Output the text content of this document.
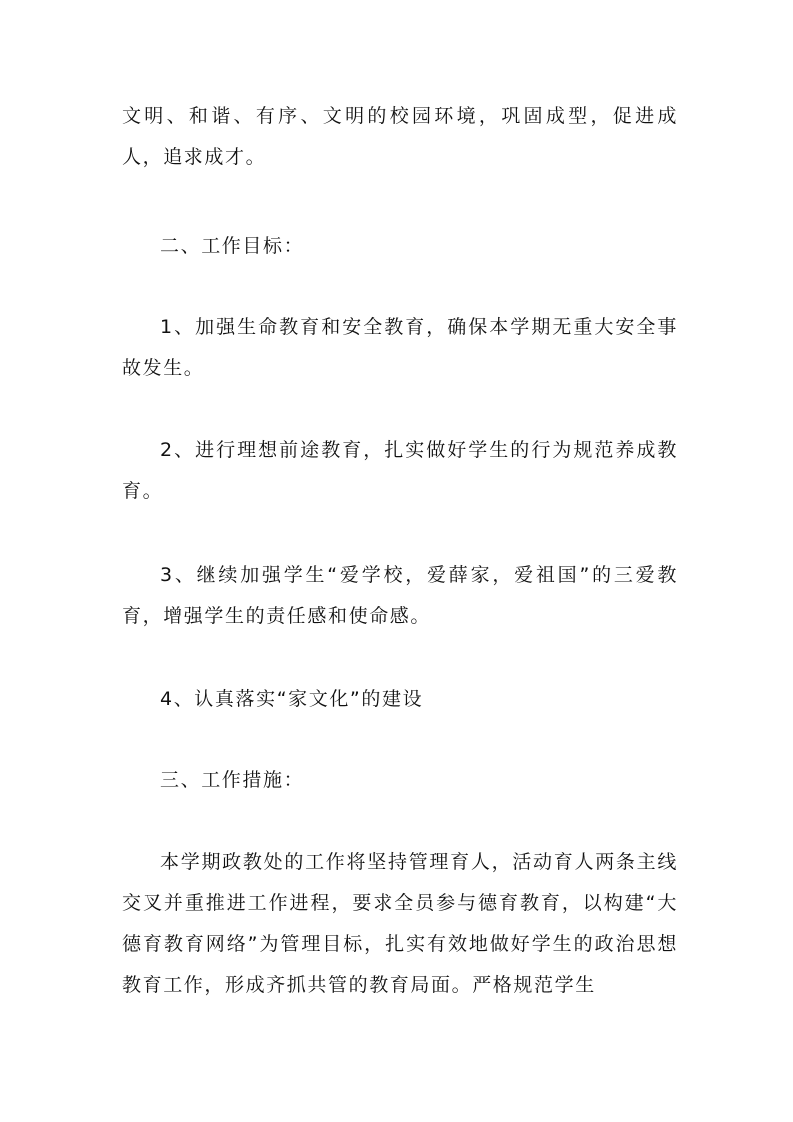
文明、和谐、有序、文明的校园环境，巩固成型，促进成人，追求成才。

二、工作目标：

1、加强生命教育和安全教育，确保本学期无重大安全事故发生。

2、进行理想前途教育，扎实做好学生的行为规范养成教育。

3、继续加强学生“爱学校，爱薛家，爱祖国”的三爱教育，增强学生的责任感和使命感。

4、认真落实“家文化”的建设

三、工作措施：

本学期政教处的工作将坚持管理育人，活动育人两条主线交叉并重推进工作进程，要求全员参与德育教育，以构建“大德育教育网络”为管理目标，扎实有效地做好学生的政治思想教育工作，形成齐抓共管的教育局面。严格规范学生
